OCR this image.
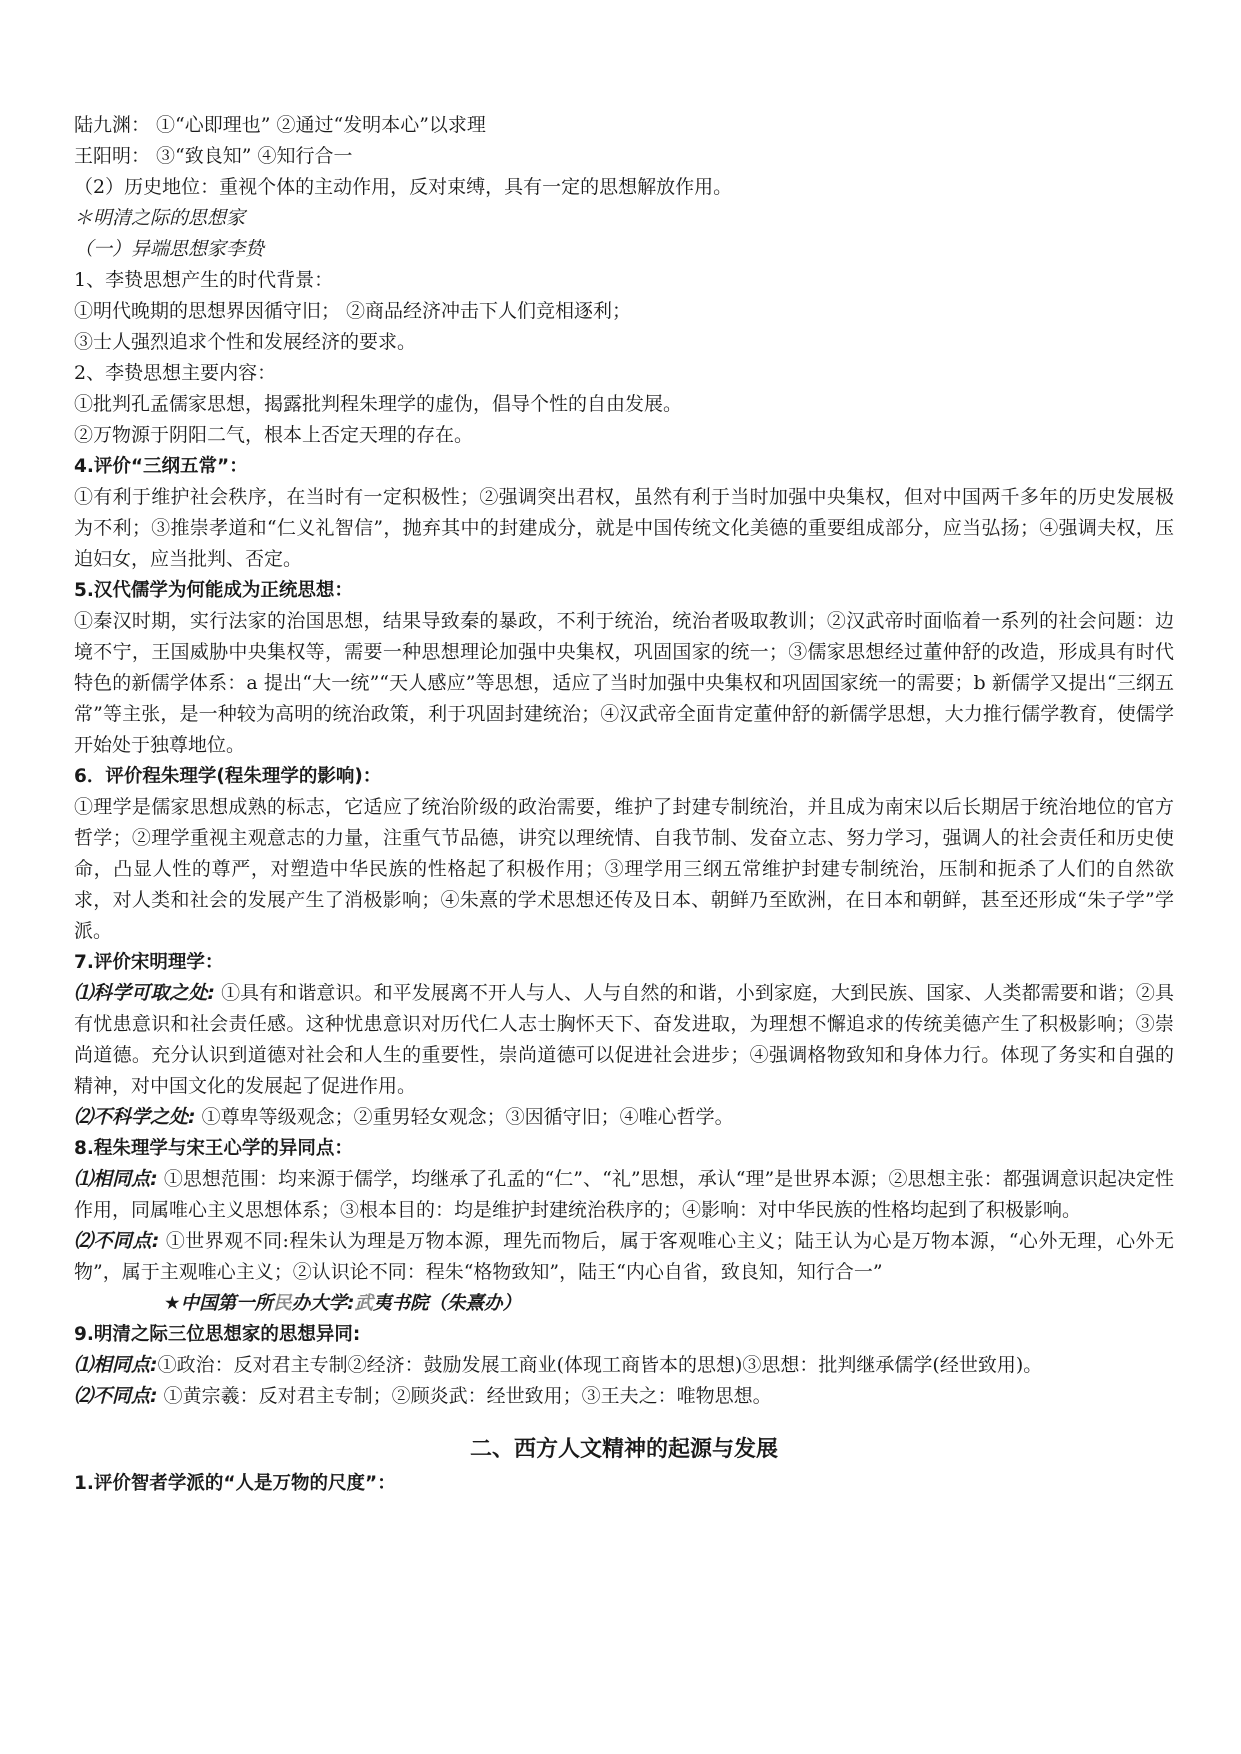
陆九渊： ①“心即理也” ②通过“发明本心”以求理
王阳明： ③“致良知” ④知行合一
（2）历史地位：重视个体的主动作用，反对束缚，具有一定的思想解放作用。
＊明清之际的思想家
（一）异端思想家李贽
1、李贽思想产生的时代背景：
①明代晚期的思想界因循守旧； ②商品经济冲击下人们竞相逐利；
③士人强烈追求个性和发展经济的要求。
2、李贽思想主要内容：
①批判孔孟儒家思想，揭露批判程朱理学的虚伪，倡导个性的自由发展。
②万物源于阴阳二气，根本上否定天理的存在。
4.评价“三纲五常”：
①有利于维护社会秩序，在当时有一定积极性；②强调突出君权，虽然有利于当时加强中央集权，但对中国两千多年的历史发展极为不利；③推崇孝道和“仁义礼智信”，抛弃其中的封建成分，就是中国传统文化美德的重要组成部分，应当弘扬；④强调夫权，压迫妇女，应当批判、否定。
5.汉代儒学为何能成为正统思想：
①秦汉时期，实行法家的治国思想，结果导致秦的暴政，不利于统治，统治者吸取教训；②汉武帝时面临着一系列的社会问题：边境不宁，王国威胁中央集权等，需要一种思想理论加强中央集权，巩固国家的统一；③儒家思想经过董仲舒的改造，形成具有时代特色的新儒学体系：a 提出“大一统”“天人感应”等思想，适应了当时加强中央集权和巩固国家统一的需要；b 新儒学又提出“三纲五常”等主张，是一种较为高明的统治政策，利于巩固封建统治；④汉武帝全面肯定董仲舒的新儒学思想，大力推行儒学教育，使儒学开始处于独尊地位。
6．评价程朱理学(程朱理学的影响)：
①理学是儒家思想成熟的标志，它适应了统治阶级的政治需要，维护了封建专制统治，并且成为南宋以后长期居于统治地位的官方哲学；②理学重视主观意志的力量，注重气节品德，讲究以理统情、自我节制、发奋立志、努力学习，强调人的社会责任和历史使命，凸显人性的尊严，对塑造中华民族的性格起了积极作用；③理学用三纲五常维护封建专制统治，压制和扼杀了人们的自然欲求，对人类和社会的发展产生了消极影响；④朱熹的学术思想还传及日本、朝鲜乃至欧洲，在日本和朝鲜，甚至还形成“朱子学”学派。
7.评价宋明理学：
⑴科学可取之处: ①具有和谐意识。和平发展离不开人与人、人与自然的和谐，小到家庭，大到民族、国家、人类都需要和谐；②具有忧患意识和社会责任感。这种忧患意识对历代仁人志士胸怀天下、奋发进取，为理想不懈追求的传统美德产生了积极影响；③崇尚道德。充分认识到道德对社会和人生的重要性，崇尚道德可以促进社会进步；④强调格物致知和身体力行。体现了务实和自强的精神，对中国文化的发展起了促进作用。
⑵不科学之处: ①尊卑等级观念；②重男轻女观念；③因循守旧；④唯心哲学。
8.程朱理学与宋王心学的异同点：
⑴相同点: ①思想范围：均来源于儒学，均继承了孔孟的“仁”、“礼”思想，承认“理”是世界本源；②思想主张：都强调意识起决定性作用，同属唯心主义思想体系；③根本目的：均是维护封建统治秩序的；④影响：对中华民族的性格均起到了积极影响。
⑵不同点: ①世界观不同:程朱认为理是万物本源，理先而物后，属于客观唯心主义；陆王认为心是万物本源，“心外无理，心外无物”，属于主观唯心主义；②认识论不同：程朱“格物致知”，陆王“内心自省，致良知，知行合一”
★中国第一所民办大学:武夷书院（朱熹办）
9.明清之际三位思想家的思想异同:
⑴相同点:①政治：反对君主专制②经济：鼓励发展工商业(体现工商皆本的思想)③思想：批判继承儒学(经世致用)。
⑵不同点: ①黄宗羲：反对君主专制；②顾炎武：经世致用；③王夫之：唯物思想。
二、西方人文精神的起源与发展
1.评价智者学派的“人是万物的尺度”：
